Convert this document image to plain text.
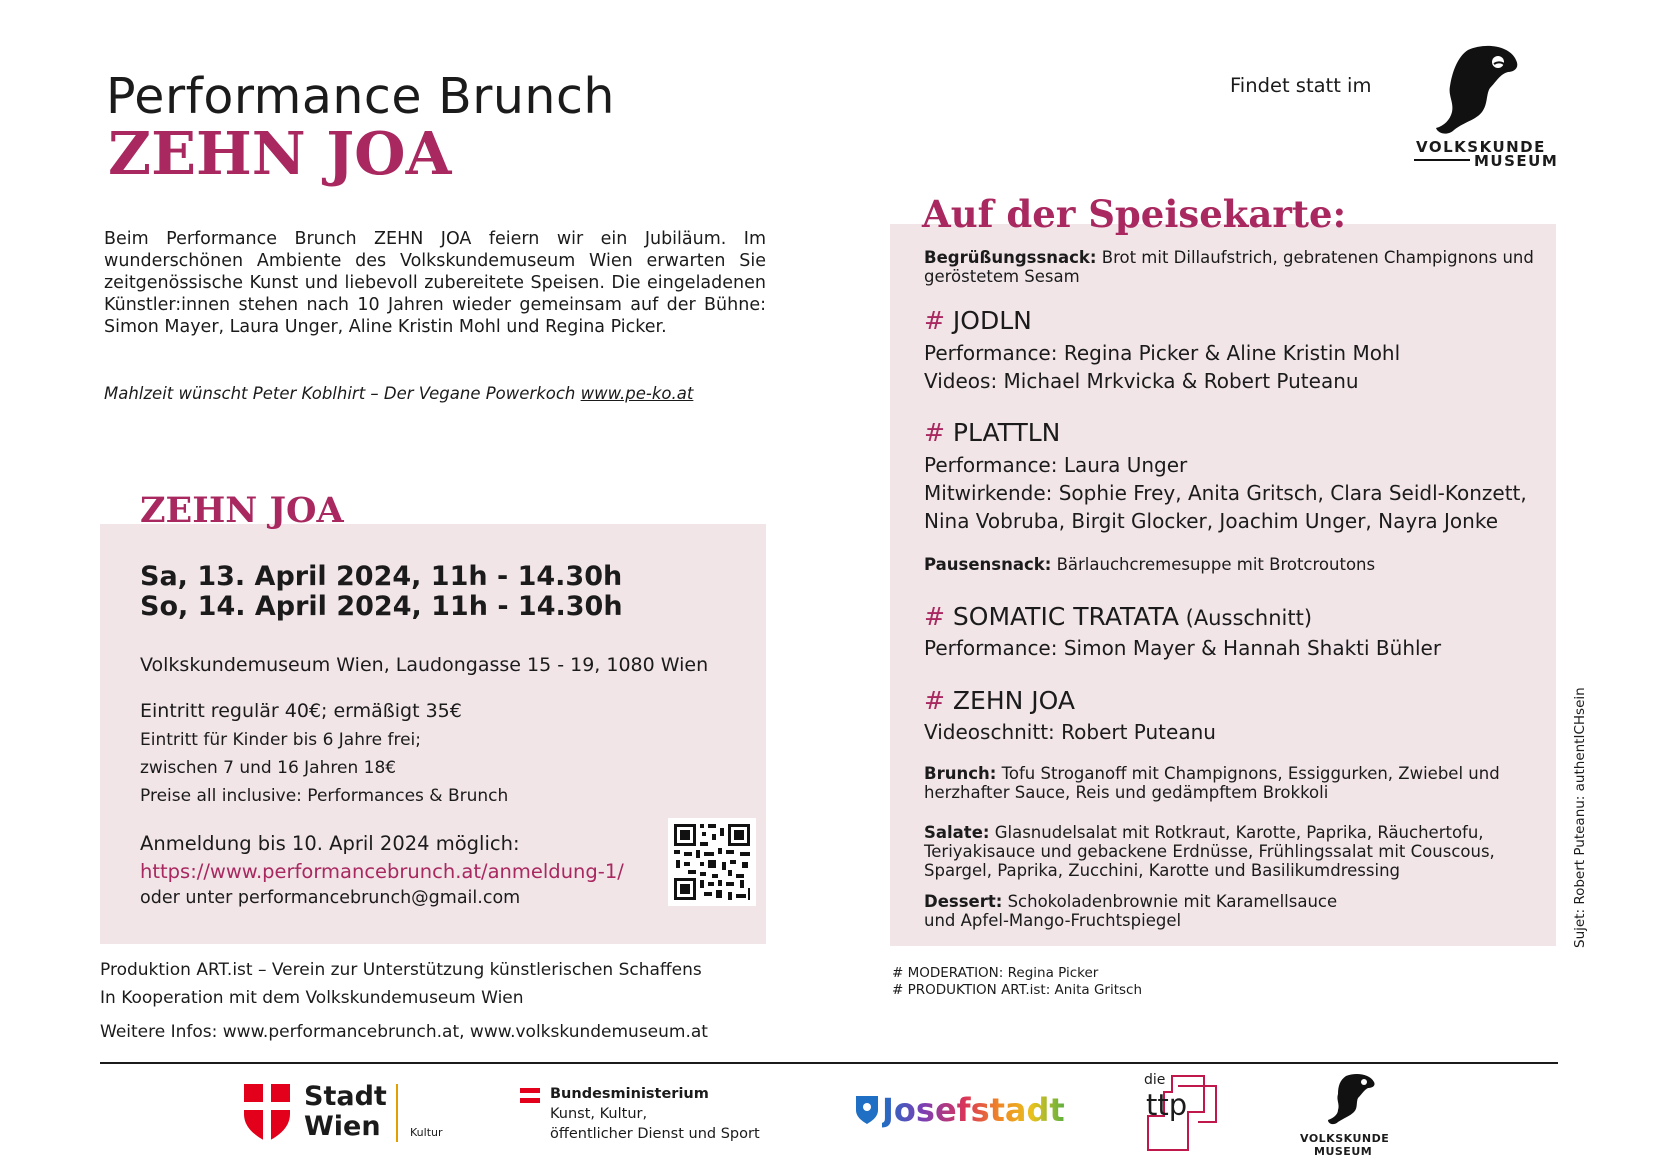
Performance Brunch
ZEHN JOA
Beim Performance Brunch ZEHN JOA feiern wir ein Jubiläum. Im wunderschönen Ambiente des Volkskundemuseum Wien erwarten Sie zeitgenössische Kunst und liebevoll zubereitete Speisen. Die eingeladenen Künstler:innen stehen nach 10 Jahren wieder gemeinsam auf der Bühne: Simon Mayer, Laura Unger, Aline Kristin Mohl und Regina Picker.
Mahlzeit wünscht Peter Koblhirt – Der Vegane Powerkoch www.pe-ko.at
ZEHN JOA
Sa, 13. April 2024, 11h - 14.30h
So, 14. April 2024, 11h - 14.30h
Volkskundemuseum Wien, Laudongasse 15 - 19, 1080 Wien
Eintritt regulär 40€; ermäßigt 35€
Eintritt für Kinder bis 6 Jahre frei;
zwischen 7 und 16 Jahren 18€
Preise all inclusive: Performances & Brunch
Anmeldung bis 10. April 2024 möglich:
https://www.performancebrunch.at/anmeldung-1/
oder unter performancebrunch@gmail.com
Produktion ART.ist – Verein zur Unterstützung künstlerischen Schaffens
In Kooperation mit dem Volkskundemuseum Wien
Weitere Infos: www.performancebrunch.at, www.volkskundemuseum.at
Findet statt im
VOLKSKUNDE
MUSEUM
Auf der Speisekarte:
Begrüßungssnack: Brot mit Dillaufstrich, gebratenen Champignons und geröstetem Sesam
# JODLN
Performance: Regina Picker & Aline Kristin Mohl
Videos: Michael Mrkvicka & Robert Puteanu
# PLATTLN
Performance: Laura Unger
Mitwirkende: Sophie Frey, Anita Gritsch, Clara Seidl-Konzett,
Nina Vobruba, Birgit Glocker, Joachim Unger, Nayra Jonke
Pausensnack: Bärlauchcremesuppe mit Brotcroutons
# SOMATIC TRATATA (Ausschnitt)
Performance: Simon Mayer & Hannah Shakti Bühler
# ZEHN JOA
Videoschnitt: Robert Puteanu
Brunch: Tofu Stroganoff mit Champignons, Essiggurken, Zwiebel und herzhafter Sauce, Reis und gedämpftem Brokkoli
Salate: Glasnudelsalat mit Rotkraut, Karotte, Paprika, Räuchertofu, Teriyakisauce und gebackene Erdnüsse, Frühlingssalat mit Couscous, Spargel, Paprika, Zucchini, Karotte und Basilikumdressing
Dessert: Schokoladenbrownie mit Karamellsauce
und Apfel-Mango-Fruchtspiegel
# MODERATION: Regina Picker
# PRODUKTION ART.ist: Anita Gritsch
Sujet: Robert Puteanu: authentICHsein
Stadt
Wien	Kultur
Bundesministerium
Kunst, Kultur,
öffentlicher Dienst und Sport
Josefstadt
die
ttp
VOLKSKUNDE
MUSEUM
